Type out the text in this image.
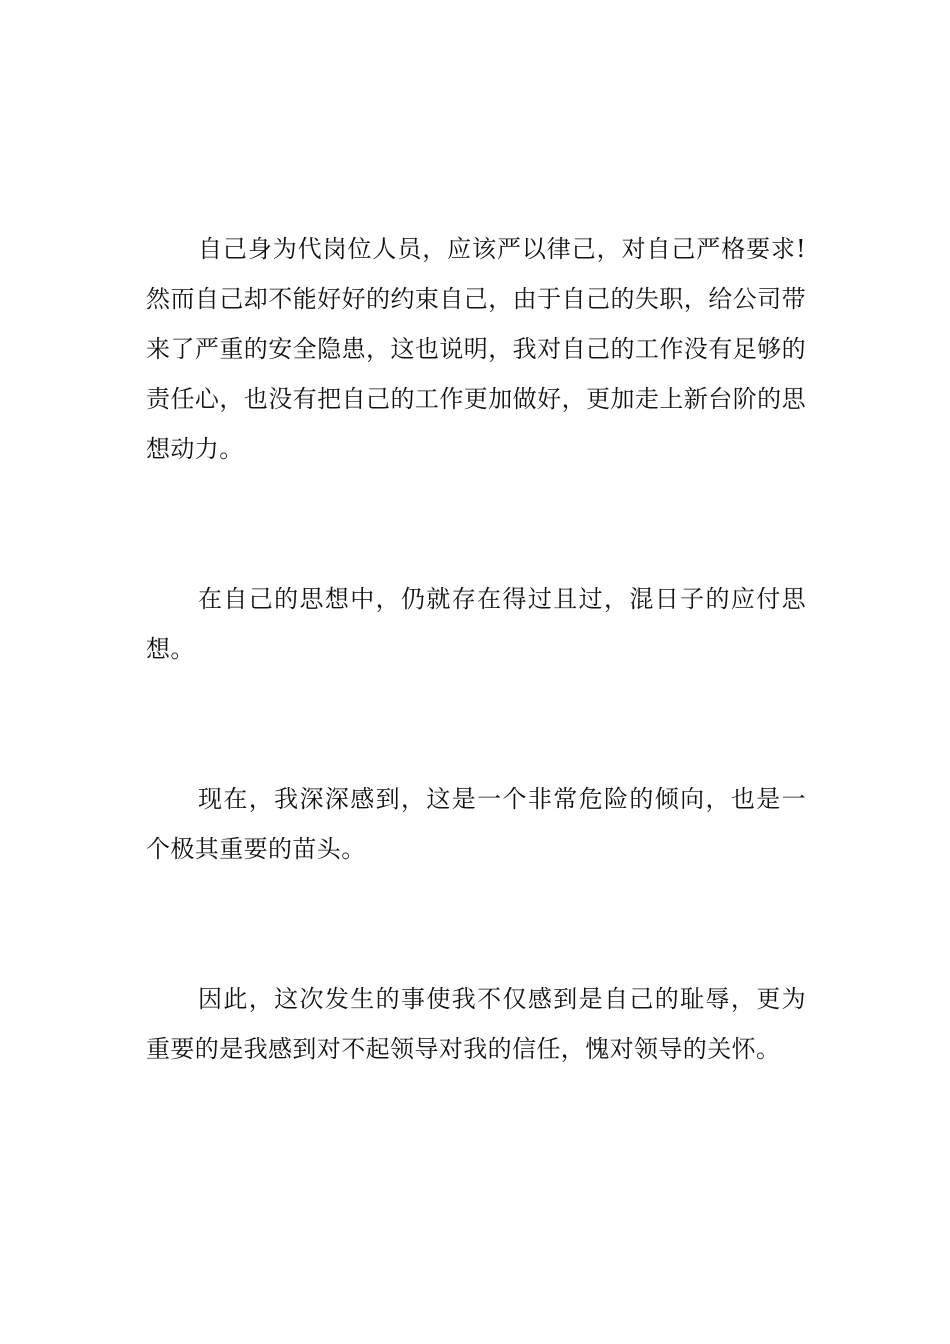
自己身为代岗位人员，应该严以律己，对自己严格要求!然而自己却不能好好的约束自己，由于自己的失职，给公司带来了严重的安全隐患，这也说明，我对自己的工作没有足够的责任心，也没有把自己的工作更加做好，更加走上新台阶的思想动力。

在自己的思想中，仍就存在得过且过，混日子的应付思想。

现在，我深深感到，这是一个非常危险的倾向，也是一个极其重要的苗头。

因此，这次发生的事使我不仅感到是自己的耻辱，更为重要的是我感到对不起领导对我的信任，愧对领导的关怀。
